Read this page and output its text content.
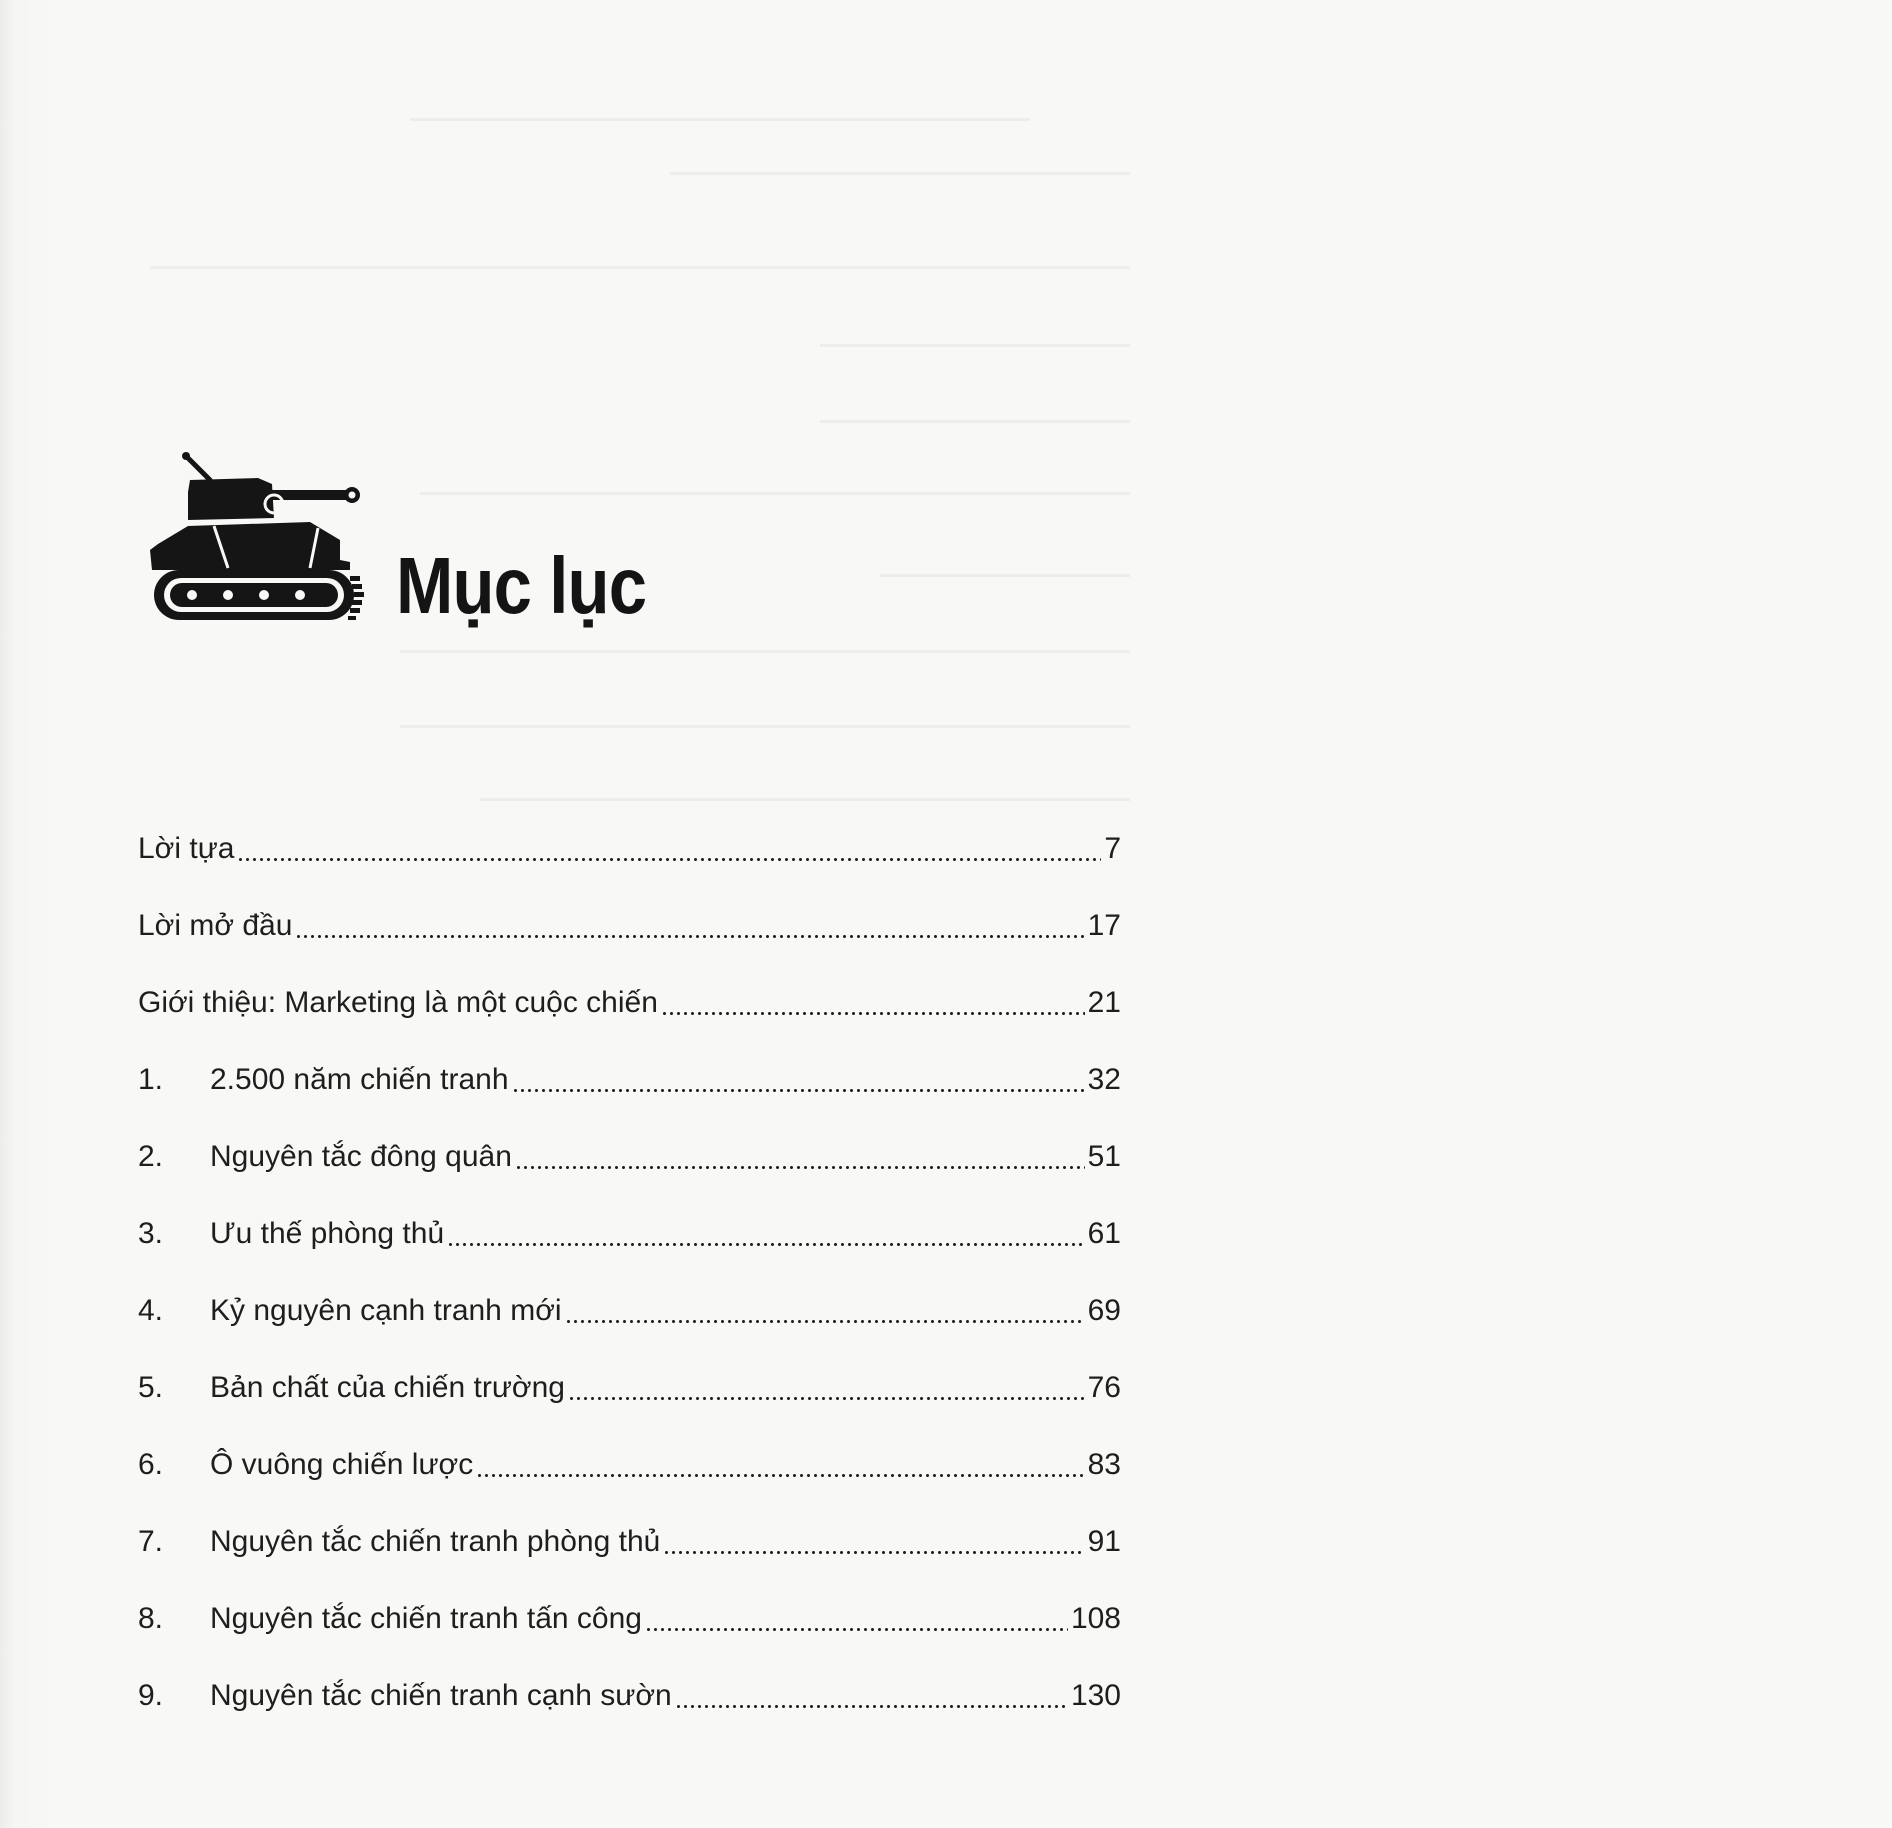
Mục lục
Lời tựa	7
Lời mở đầu	17
Giới thiệu: Marketing là một cuộc chiến	21
1.	2.500 năm chiến tranh	32
2.	Nguyên tắc đông quân	51
3.	Ưu thế phòng thủ	61
4.	Kỷ nguyên cạnh tranh mới	69
5.	Bản chất của chiến trường	76
6.	Ô vuông chiến lược	83
7.	Nguyên tắc chiến tranh phòng thủ	91
8.	Nguyên tắc chiến tranh tấn công	108
9.	Nguyên tắc chiến tranh cạnh sườn	130
